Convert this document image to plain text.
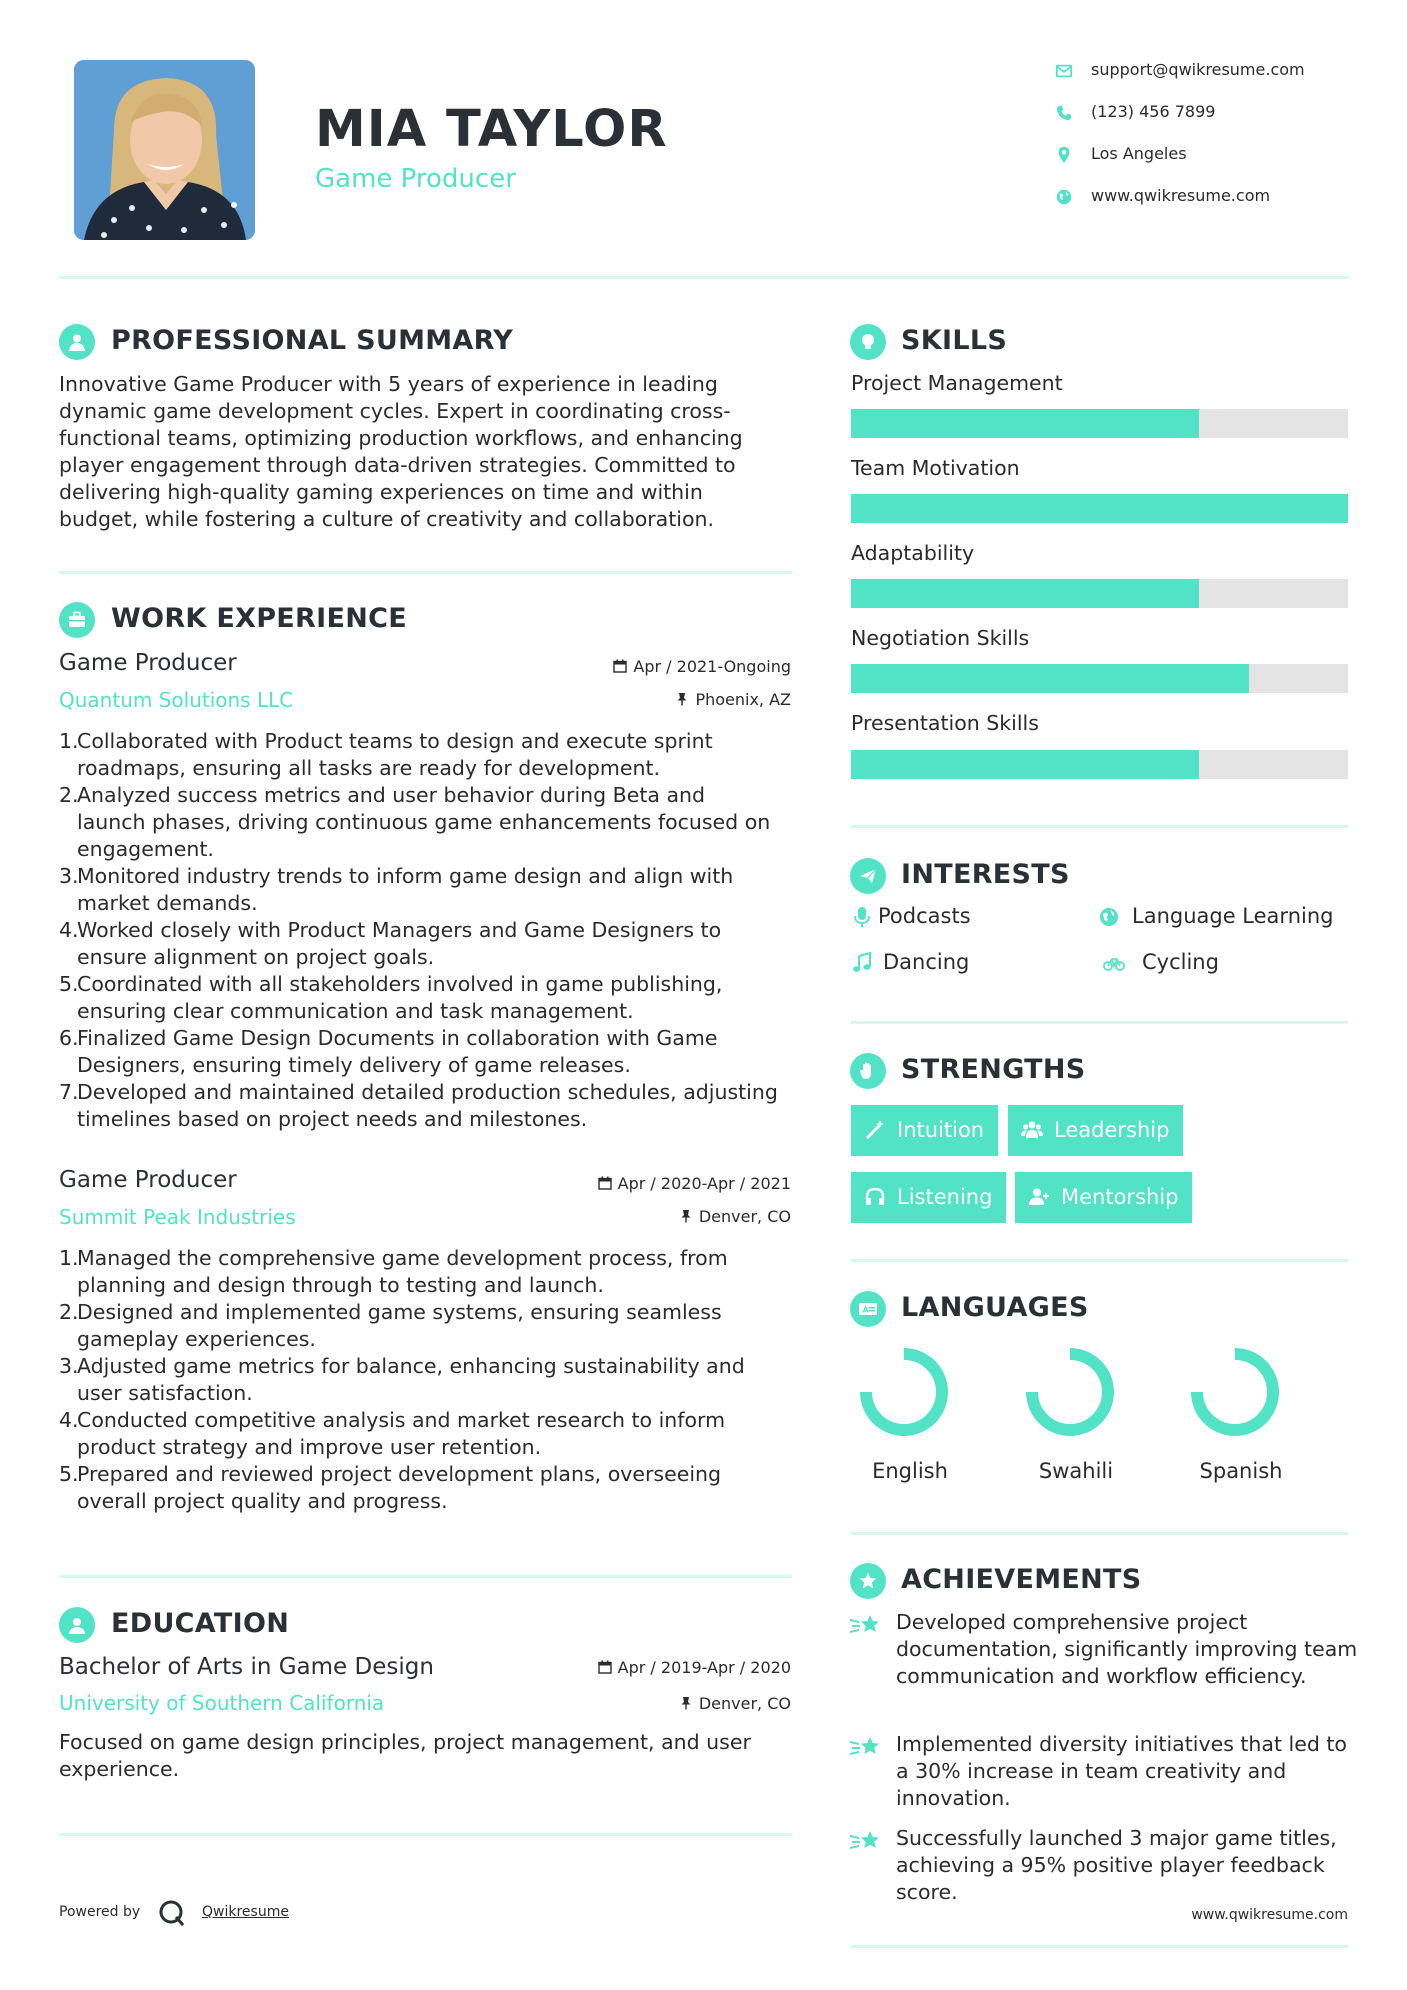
MIA TAYLOR
Game Producer
support@qwikresume.com
(123) 456 7899
Los Angeles
www.qwikresume.com
PROFESSIONAL SUMMARY
Innovative Game Producer with 5 years of experience in leading dynamic game development cycles. Expert in coordinating cross-functional teams, optimizing production workflows, and enhancing player engagement through data-driven strategies. Committed to delivering high-quality gaming experiences on time and within budget, while fostering a culture of creativity and collaboration.
WORK EXPERIENCE
Game Producer	Apr / 2021-Ongoing
Quantum Solutions LLC	Phoenix, AZ
1.
Collaborated with Product teams to design and execute sprint roadmaps, ensuring all tasks are ready for development.
2.
Analyzed success metrics and user behavior during Beta and launch phases, driving continuous game enhancements focused on engagement.
3.
Monitored industry trends to inform game design and align with market demands.
4.
Worked closely with Product Managers and Game Designers to ensure alignment on project goals.
5.
Coordinated with all stakeholders involved in game publishing, ensuring clear communication and task management.
6.
Finalized Game Design Documents in collaboration with Game Designers, ensuring timely delivery of game releases.
7.
Developed and maintained detailed production schedules, adjusting timelines based on project needs and milestones.
Game Producer	Apr / 2020-Apr / 2021
Summit Peak Industries	Denver, CO
1.
Managed the comprehensive game development process, from planning and design through to testing and launch.
2.
Designed and implemented game systems, ensuring seamless gameplay experiences.
3.
Adjusted game metrics for balance, enhancing sustainability and user satisfaction.
4.
Conducted competitive analysis and market research to inform product strategy and improve user retention.
5.
Prepared and reviewed project development plans, overseeing overall project quality and progress.
EDUCATION
Bachelor of Arts in Game Design	Apr / 2019-Apr / 2020
University of Southern California	Denver, CO
Focused on game design principles, project management, and user experience.
Powered by	Qwikresume
SKILLS
Project Management
Team Motivation
Adaptability
Negotiation Skills
Presentation Skills
INTERESTS
Podcasts	Language Learning
Dancing	Cycling
STRENGTHS
Intuition	Leadership
Listening	Mentorship
A LANGUAGES
English	Swahili	Spanish
ACHIEVEMENTS
Developed comprehensive project documentation, significantly improving team communication and workflow efficiency.
Implemented diversity initiatives that led to a 30% increase in team creativity and innovation.
Successfully launched 3 major game titles, achieving a 95% positive player feedback score.
www.qwikresume.com
